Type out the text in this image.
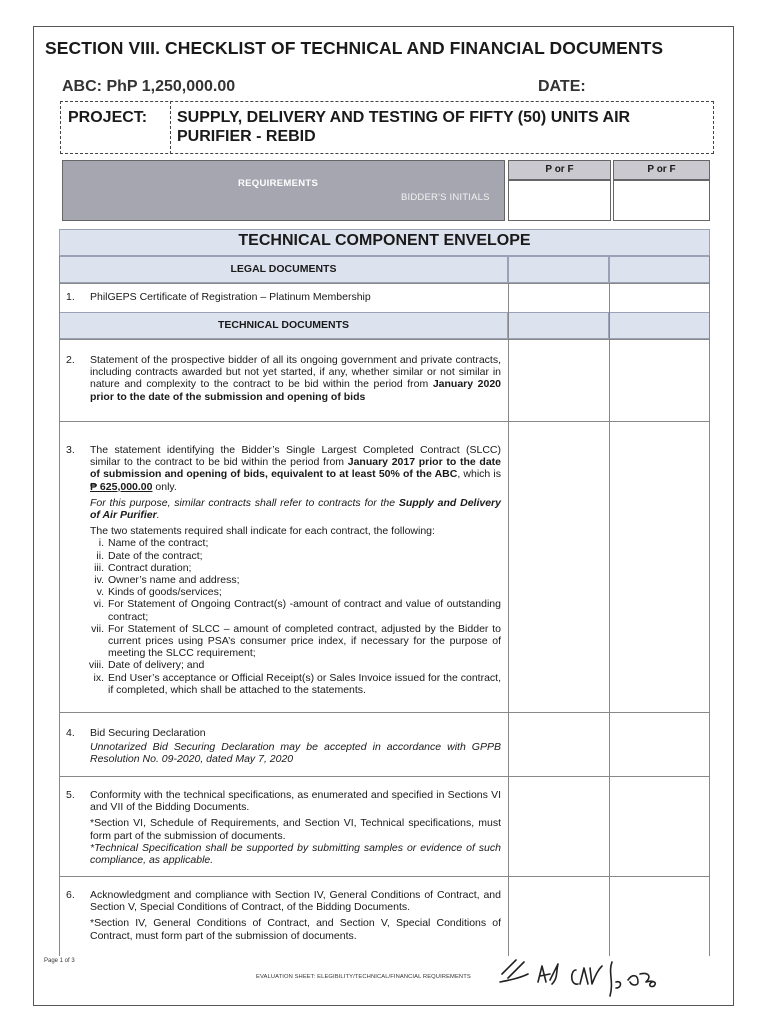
SECTION VIII. CHECKLIST OF TECHNICAL AND FINANCIAL DOCUMENTS
ABC: PhP 1,250,000.00	DATE:
PROJECT: SUPPLY, DELIVERY AND TESTING OF FIFTY (50) UNITS AIR PURIFIER - REBID
REQUIREMENTS
BIDDER'S INITIALS
P or F	P or F
TECHNICAL COMPONENT ENVELOPE
LEGAL DOCUMENTS
TECHNICAL DOCUMENTS
1. PhilGEPS Certificate of Registration – Platinum Membership
2. Statement of the prospective bidder of all its ongoing government and private contracts, including contracts awarded but not yet started, if any, whether similar or not similar in nature and complexity to the contract to be bid within the period from January 2020 prior to the date of the submission and opening of bids
3. The statement identifying the Bidder’s Single Largest Completed Contract (SLCC) similar to the contract to be bid within the period from January 2017 prior to the date of submission and opening of bids, equivalent to at least 50% of the ABC, which is ₱ 625,000.00 only.

For this purpose, similar contracts shall refer to contracts for the Supply and Delivery of Air Purifier.

The two statements required shall indicate for each contract, the following:

i. Name of the contract;
ii. Date of the contract;
iii. Contract duration;
iv. Owner’s name and address;
v. Kinds of goods/services;
vi. For Statement of Ongoing Contract(s) -amount of contract and value of outstanding contract;
vii. For Statement of SLCC – amount of completed contract, adjusted by the Bidder to current prices using PSA’s consumer price index, if necessary for the purpose of meeting the SLCC requirement;
viii. Date of delivery; and
ix. End User’s acceptance or Official Receipt(s) or Sales Invoice issued for the contract, if completed, which shall be attached to the statements.
4. Bid Securing Declaration

Unnotarized Bid Securing Declaration may be accepted in accordance with GPPB Resolution No. 09-2020, dated May 7, 2020

5. Conformity with the technical specifications, as enumerated and specified in Sections VI and VII of the Bidding Documents.

*Section VI, Schedule of Requirements, and Section VI, Technical specifications, must form part of the submission of documents.

*Technical Specification shall be supported by submitting samples or evidence of such compliance, as applicable.

6. Acknowledgment and compliance with Section IV, General Conditions of Contract, and Section V, Special Conditions of Contract, of the Bidding Documents.

*Section IV, General Conditions of Contract, and Section V, Special Conditions of Contract, must form part of the submission of documents.

Page 1 of 3
EVALUATION SHEET: ELEGIBILITY/TECHNICAL/FINANCIAL REQUIREMENTS
